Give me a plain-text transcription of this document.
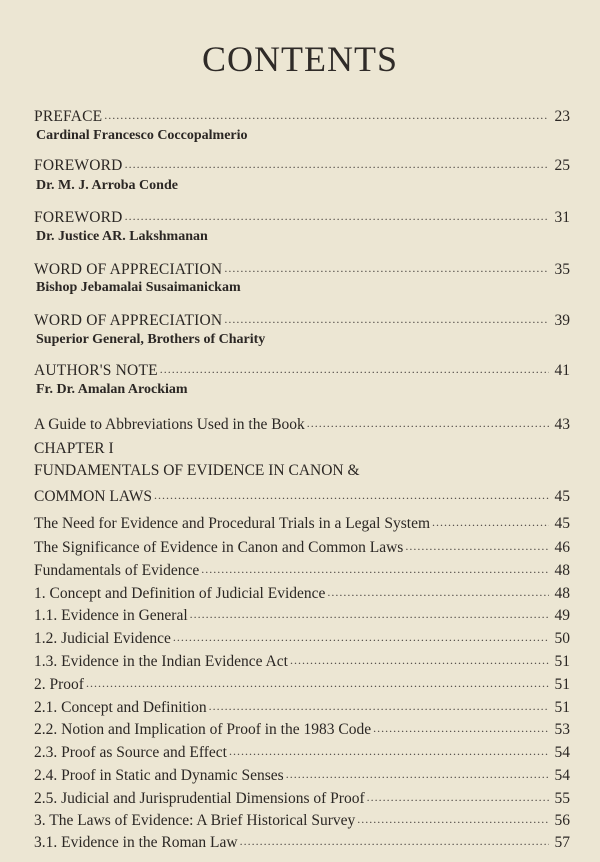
CONTENTS
PREFACE .....	23
Cardinal Francesco Coccopalmerio
FOREWORD .....	25
Dr. M. J. Arroba Conde
FOREWORD .....	31
Dr. Justice AR. Lakshmanan
WORD OF APPRECIATION .....	35
Bishop Jebamalai Susaimanickam
WORD OF APPRECIATION .....	39
Superior General, Brothers of Charity
AUTHOR'S NOTE .....	41
Fr. Dr. Amalan Arockiam
A Guide to Abbreviations Used in the Book .....	43
CHAPTER I
FUNDAMENTALS OF EVIDENCE IN CANON &
COMMON LAWS .....	45
The Need for Evidence and Procedural Trials in a Legal System .....	45
The Significance of Evidence in Canon and Common Laws .....	46
Fundamentals of Evidence .....	48
1. Concept and Definition of Judicial Evidence .....	48
1.1. Evidence in General .....	49
1.2. Judicial Evidence .....	50
1.3. Evidence in the Indian Evidence Act .....	51
2. Proof .....	51
2.1. Concept and Definition .....	51
2.2. Notion and Implication of Proof in the 1983 Code .....	53
2.3. Proof as Source and Effect .....	54
2.4. Proof in Static and Dynamic Senses .....	54
2.5. Judicial and Jurisprudential Dimensions of Proof .....	55
3. The Laws of Evidence: A Brief Historical Survey .....	56
3.1. Evidence in the Roman Law .....	57
